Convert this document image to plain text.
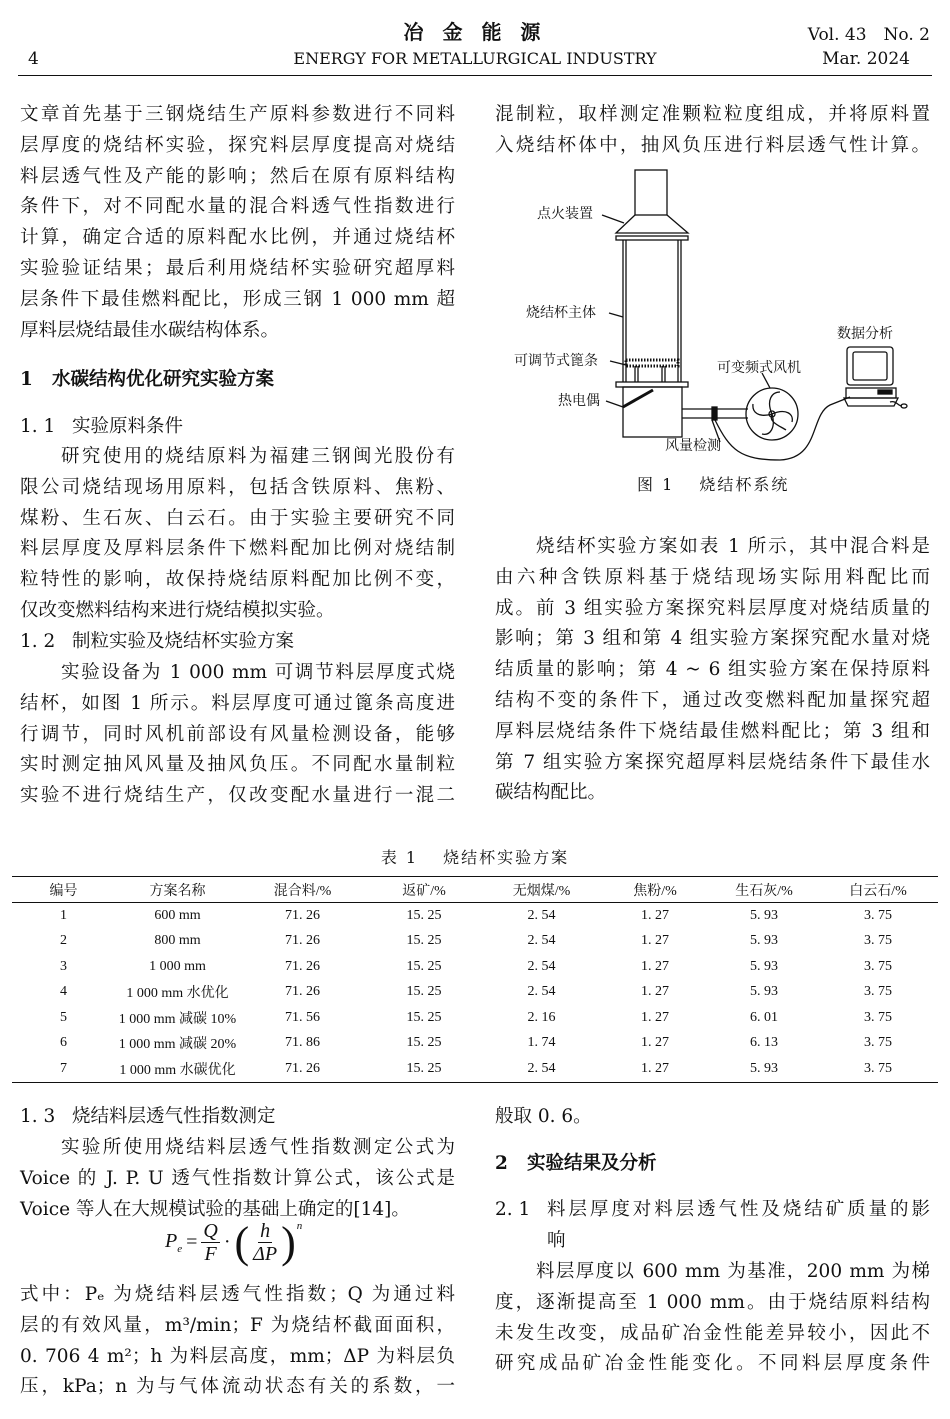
冶 金 能 源	Vol. 43　No. 2
4	ENERGY FOR METALLURGICAL INDUSTRY	Mar. 2024
文章首先基于三钢烧结生产原料参数进行不同料
层厚度的烧结杯实验，探究料层厚度提高对烧结
料层透气性及产能的影响；然后在原有原料结构
条件下，对不同配水量的混合料透气性指数进行
计算，确定合适的原料配水比例，并通过烧结杯
实验验证结果；最后利用烧结杯实验研究超厚料
层条件下最佳燃料配比，形成三钢 1 000 mm 超
厚料层烧结最佳水碳结构体系。
1 水碳结构优化研究实验方案
1. 1 实验原料条件
研究使用的烧结原料为福建三钢闽光股份有
限公司烧结现场用原料，包括含铁原料、焦粉、
煤粉、生石灰、白云石。由于实验主要研究不同
料层厚度及厚料层条件下燃料配加比例对烧结制
粒特性的影响，故保持烧结原料配加比例不变，
仅改变燃料结构来进行烧结模拟实验。
1. 2 制粒实验及烧结杯实验方案
实验设备为 1 000 mm 可调节料层厚度式烧
结杯，如图 1 所示。料层厚度可通过篦条高度进
行调节，同时风机前部设有风量检测设备，能够
实时测定抽风风量及抽风负压。不同配水量制粒
实验不进行烧结生产，仅改变配水量进行一混二
混制粒，取样测定准颗粒粒度组成，并将原料置
入烧结杯体中，抽风负压进行料层透气性计算。
点火装置
烧结杯主体
可调节式篦条
热电偶
可变频式风机
数据分析
风量检测
图 1　 烧结杯系统
烧结杯实验方案如表 1 所示，其中混合料是
由六种含铁原料基于烧结现场实际用料配比而
成。前 3 组实验方案探究料层厚度对烧结质量的
影响；第 3 组和第 4 组实验方案探究配水量对烧
结质量的影响；第 4 ~ 6 组实验方案在保持原料
结构不变的条件下，通过改变燃料配加量探究超
厚料层烧结条件下烧结最佳燃料配比；第 3 组和
第 7 组实验方案探究超厚料层烧结条件下最佳水
碳结构配比。
表 1　 烧结杯实验方案
编号	方案名称	混合料/%	返矿/%	无烟煤/%	焦粉/%	生石灰/%	白云石/%
1	600 mm	71. 26	15. 25	2. 54	1. 27	5. 93	3. 75
2	800 mm	71. 26	15. 25	2. 54	1. 27	5. 93	3. 75
3	1 000 mm	71. 26	15. 25	2. 54	1. 27	5. 93	3. 75
4	1 000 mm 水优化	71. 26	15. 25	2. 54	1. 27	5. 93	3. 75
5	1 000 mm 减碳 10%	71. 56	15. 25	2. 16	1. 27	6. 01	3. 75
6	1 000 mm 减碳 20%	71. 86	15. 25	1. 74	1. 27	6. 13	3. 75
7	1 000 mm 水碳优化	71. 26	15. 25	2. 54	1. 27	5. 93	3. 75
1. 3 烧结料层透气性指数测定
实验所使用烧结料层透气性指数测定公式为
Voice 的 J. P. U 透气性指数计算公式，该公式是
Voice 等人在大规模试验的基础上确定的[14]。
$P_e = \frac{Q}{F}$ · ( $\frac{h}{\Delta P} )^n$
式中：Pₑ 为烧结料层透气性指数；Q 为通过料
层的有效风量，m³/min；F 为烧结杯截面面积，
0. 706 4 m²；h 为料层高度，mm；ΔP 为料层负
压，kPa；n 为与气体流动状态有关的系数，一
般取 0. 6。
2 实验结果及分析
2. 1 料层厚度对料层透气性及烧结矿质量的影
响
料层厚度以 600 mm 为基准，200 mm 为梯
度，逐渐提高至 1 000 mm。由于烧结原料结构
未发生改变，成品矿冶金性能差异较小，因此不
研究成品矿冶金性能变化。不同料层厚度条件
